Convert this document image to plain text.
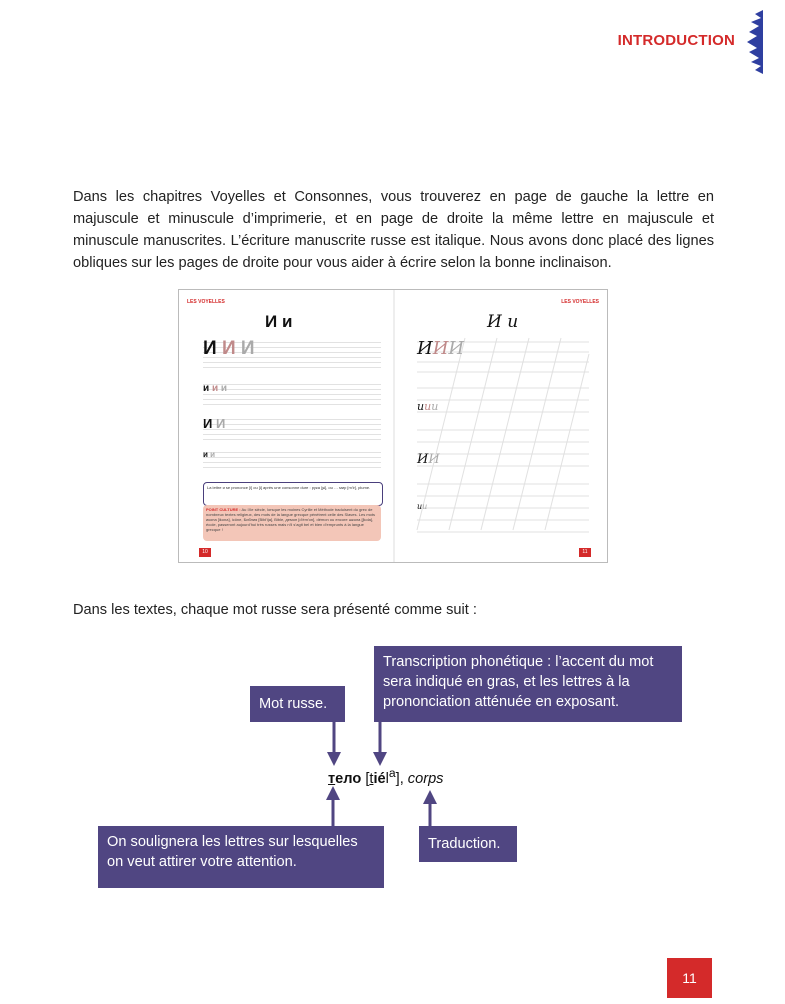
INTRODUCTION
Dans les chapitres Voyelles et Consonnes, vous trouverez en page de gauche la lettre en majuscule et minuscule d’imprimerie, et en page de droite la même lettre en majuscule et minuscule manuscrites. L’écriture manuscrite russe est italique. Nous avons donc placé des lignes obliques sur les pages de droite pour vous aider à écrire selon la bonne inclinaison.
LES VOYELLES
И и
И И И
и и и
И И
и и
La lettre и se prononce [i] ou [ɨ] après une consonne dure : рука [ʂɨ], ou … мир [m'ir], plume.
POINT CULTURE : Au IXe siècle, lorsque les moines Cyrille et Méthode traduisent du grec de nombreux textes religieux, des mots de la langue grecque pénètrent celle des Slaves. Les mots икона [ikona], icône, Библия [Bibl'ija], Bible, демон [d'ém'on], démon ou encore школа [ʃkola], école, passeront aujourd’hui très russes mais n’il s’agit bel et bien d’emprunts à la langue grecque !
10
LES VOYELLES
И и
ИИИ
иии
ИИ
ии
11
Dans les textes, chaque mot russe sera présenté comme suit :
Mot russe.
Transcription phonétique : l’accent du mot sera indiqué en gras, et les lettres à la prononciation atténuée en exposant.
On soulignera les lettres sur lesquelles on veut attirer votre attention.
Traduction.
тело [tiél$^a$], corps
11
